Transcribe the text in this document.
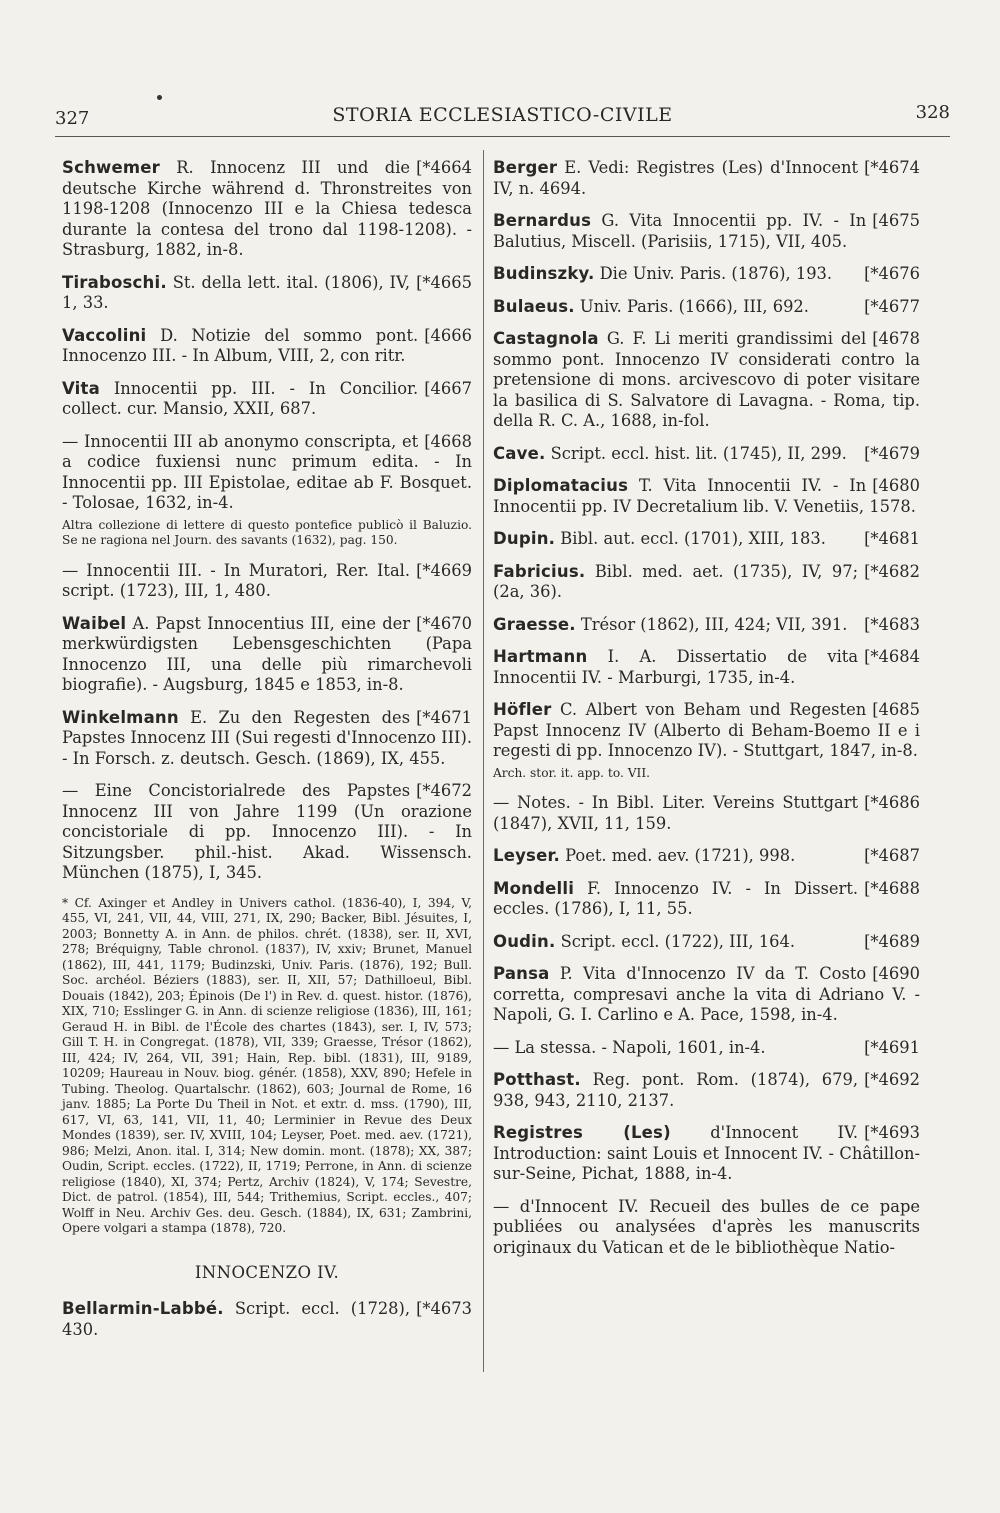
327	STORIA ECCLESIASTICO-CIVILE	328
[*4664
Schwemer R. Innocenz III und die deutsche Kirche während d. Thronstreites von 1198-1208 (Innocenzo III e la Chiesa tedesca durante la contesa del trono dal 1198-1208). - Strasburg, 1882, in-8.
[*4665
Tiraboschi. St. della lett. ital. (1806), IV, 1, 33.
[4666
Vaccolini D. Notizie del sommo pont. Innocenzo III. - In Album, VIII, 2, con ritr.
[4667
Vita Innocentii pp. III. - In Concilior. collect. cur. Mansio, XXII, 687.
[4668
— Innocentii III ab anonymo conscripta, et a codice fuxiensi nunc primum edita. - In Innocentii pp. III Epistolae, editae ab F. Bosquet. - Tolosae, 1632, in-4.
Altra collezione di lettere di questo pontefice publicò il Baluzio. Se ne ragiona nel Journ. des savants (1632), pag. 150.
[*4669
— Innocentii III. - In Muratori, Rer. Ital. script. (1723), III, 1, 480.
[*4670
Waibel A. Papst Innocentius III, eine der merkwürdigsten Lebensgeschichten (Papa Innocenzo III, una delle più rimarchevoli biografie). - Augsburg, 1845 e 1853, in-8.
[*4671
Winkelmann E. Zu den Regesten des Papstes Innocenz III (Sui regesti d'Innocenzo III). - In Forsch. z. deutsch. Gesch. (1869), IX, 455.
[*4672
— Eine Concistorialrede des Papstes Innocenz III von Jahre 1199 (Un orazione concistoriale di pp. Innocenzo III). - In Sitzungsber. phil.-hist. Akad. Wissensch. München (1875), I, 345.
* Cf. Axinger et Andley in Univers cathol. (1836-40), I, 394, V, 455, VI, 241, VII, 44, VIII, 271, IX, 290; Backer, Bibl. Jésuites, I, 2003; Bonnetty A. in Ann. de philos. chrét. (1838), ser. II, XVI, 278; Bréquigny, Table chronol. (1837), IV, xxiv; Brunet, Manuel (1862), III, 441, 1179; Budinzski, Univ. Paris. (1876), 192; Bull. Soc. archéol. Béziers (1883), ser. II, XII, 57; Dathilloeul, Bibl. Douais (1842), 203; Épinois (De l') in Rev. d. quest. histor. (1876), XIX, 710; Esslinger G. in Ann. di scienze religiose (1836), III, 161; Geraud H. in Bibl. de l'École des chartes (1843), ser. I, IV, 573; Gill T. H. in Congregat. (1878), VII, 339; Graesse, Trésor (1862), III, 424; IV, 264, VII, 391; Hain, Rep. bibl. (1831), III, 9189, 10209; Haureau in Nouv. biog. génér. (1858), XXV, 890; Hefele in Tubing. Theolog. Quartalschr. (1862), 603; Journal de Rome, 16 janv. 1885; La Porte Du Theil in Not. et extr. d. mss. (1790), III, 617, VI, 63, 141, VII, 11, 40; Lerminier in Revue des Deux Mondes (1839), ser. IV, XVIII, 104; Leyser, Poet. med. aev. (1721), 986; Melzi, Anon. ital. I, 314; New domin. mont. (1878); XX, 387; Oudin, Script. eccles. (1722), II, 1719; Perrone, in Ann. di scienze religiose (1840), XI, 374; Pertz, Archiv (1824), V, 174; Sevestre, Dict. de patrol. (1854), III, 544; Trithemius, Script. eccles., 407; Wolff in Neu. Archiv Ges. deu. Gesch. (1884), IX, 631; Zambrini, Opere volgari a stampa (1878), 720.
INNOCENZO IV.
[*4673
Bellarmin-Labbé. Script. eccl. (1728), 430.
[*4674
Berger E. Vedi: Registres (Les) d'Innocent IV, n. 4694.
[4675
Bernardus G. Vita Innocentii pp. IV. - In Balutius, Miscell. (Parisiis, 1715), VII, 405.
[*4676
Budinszky. Die Univ. Paris. (1876), 193.
[*4677
Bulaeus. Univ. Paris. (1666), III, 692.
[4678
Castagnola G. F. Li meriti grandissimi del sommo pont. Innocenzo IV considerati contro la pretensione di mons. arcivescovo di poter visitare la basilica di S. Salvatore di Lavagna. - Roma, tip. della R. C. A., 1688, in-fol.
[*4679
Cave. Script. eccl. hist. lit. (1745), II, 299.
[4680
Diplomatacius T. Vita Innocentii IV. - In Innocentii pp. IV Decretalium lib. V. Venetiis, 1578.
[*4681
Dupin. Bibl. aut. eccl. (1701), XIII, 183.
[*4682
Fabricius. Bibl. med. aet. (1735), IV, 97; (2a, 36).
[*4683
Graesse. Trésor (1862), III, 424; VII, 391.
[*4684
Hartmann I. A. Dissertatio de vita Innocentii IV. - Marburgi, 1735, in-4.
[4685
Höfler C. Albert von Beham und Regesten Papst Innocenz IV (Alberto di Beham-Boemo II e i regesti di pp. Innocenzo IV). - Stuttgart, 1847, in-8.
Arch. stor. it. app. to. VII.
[*4686
— Notes. - In Bibl. Liter. Vereins Stuttgart (1847), XVII, 11, 159.
[*4687
Leyser. Poet. med. aev. (1721), 998.
[*4688
Mondelli F. Innocenzo IV. - In Dissert. eccles. (1786), I, 11, 55.
[*4689
Oudin. Script. eccl. (1722), III, 164.
[4690
Pansa P. Vita d'Innocenzo IV da T. Costo corretta, compresavi anche la vita di Adriano V. - Napoli, G. I. Carlino e A. Pace, 1598, in-4.
[*4691
— La stessa. - Napoli, 1601, in-4.
[*4692
Potthast. Reg. pont. Rom. (1874), 679, 938, 943, 2110, 2137.
[*4693
Registres (Les) d'Innocent IV. Introduction: saint Louis et Innocent IV. - Châtillon-sur-Seine, Pichat, 1888, in-4.
— d'Innocent IV. Recueil des bulles de ce pape publiées ou analysées d'après les manuscrits originaux du Vatican et de le bibliothèque Natio-
